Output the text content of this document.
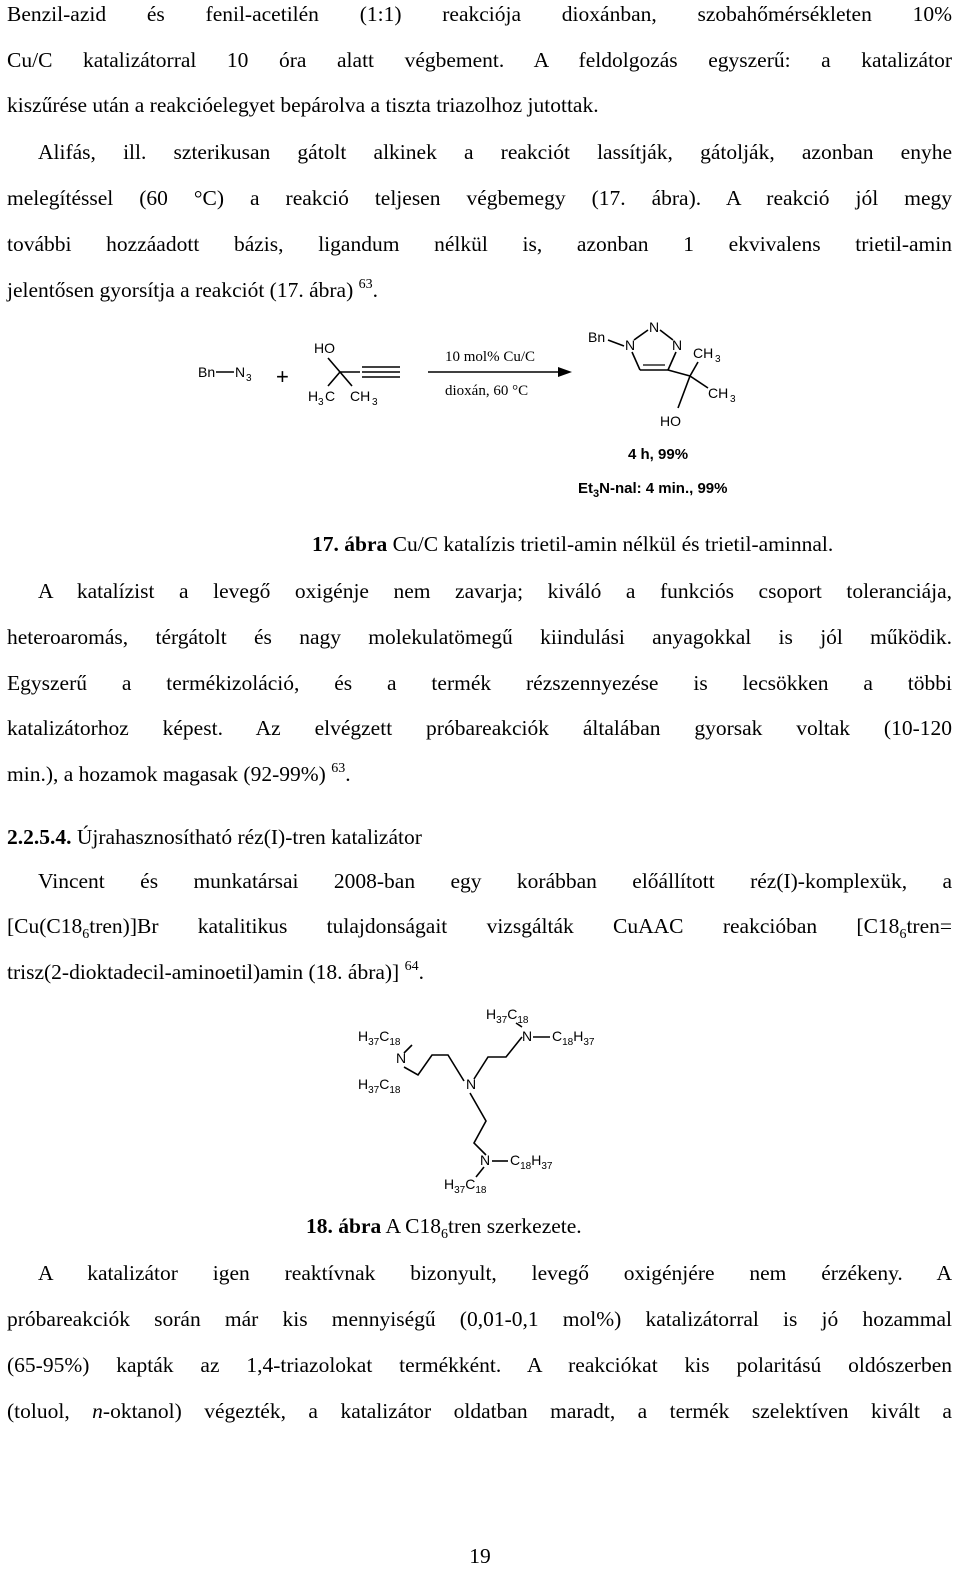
Benzil-azid és fenil-acetilén (1:1) reakciója dioxánban, szobahőmérsékleten 10%
Cu/C katalizátorral 10 óra alatt végbement. A feldolgozás egyszerű: a katalizátor
kiszűrése után a reakcióelegyet bepárolva a tiszta triazolhoz jutottak.
Alifás, ill. szterikusan gátolt alkinek a reakciót lassítják, gátolják, azonban enyhe
melegítéssel (60 °C) a reakció teljesen végbemegy (17. ábra). A reakció jól megy
további hozzáadott bázis, ligandum nélkül is, azonban 1 ekvivalens trietil-amin
jelentősen gyorsítja a reakciót (17. ábra) $^{63}$.
Bn N 3 +
HO
H 3 C CH 3
10 mol% Cu/C
dioxán, 60 °C
Bn N
N
N CH 3
CH 3
HO
4 h, 99%
$Et_3N$-nal: 4 min., 99%
17. ábra Cu/C katalízis trietil-amin nélkül és trietil-aminnal.
A katalízist a levegő oxigénje nem zavarja; kiváló a funkciós csoport toleranciája,
heteroaromás, térgátolt és nagy molekulatömegű kiindulási anyagokkal is jól működik.
Egyszerű a termékizoláció, és a termék rézszennyezése is lecsökken a többi
katalizátorhoz képest. Az elvégzett próbareakciók általában gyorsak voltak (10-120
min.), a hozamok magasak (92-99%) $^{63}$.
2.2.5.4. Újrahasznosítható réz(I)-tren katalizátor
Vincent és munkatársai 2008-ban egy korábban előállított réz(I)-komplexük, a
$[Cu(C18_6tren)]Br$ katalitikus tulajdonságait vizsgálták CuAAC reakcióban [$C18_6tren=$
trisz(2-dioktadecil-aminoetil)amin (18. ábra)] $^{64}$.
$H_{37}C_{18}$
N $C_{18}H_{37}$
$H_{37}C_{18}$
N
$H_{37}C_{18}$	N
N $C_{18}H_{37}$
$H_{37}C_{18}$
18. ábra A $C18_6tren$ szerkezete.
A katalizátor igen reaktívnak bizonyult, levegő oxigénjére nem érzékeny. A
próbareakciók során már kis mennyiségű (0,01-0,1 mol%) katalizátorral is jó hozammal
(65-95%) kapták az 1,4-triazolokat termékként. A reakciókat kis polaritású oldószerben
(toluol, n-oktanol) végezték, a katalizátor oldatban maradt, a termék szelektíven kivált a
19
